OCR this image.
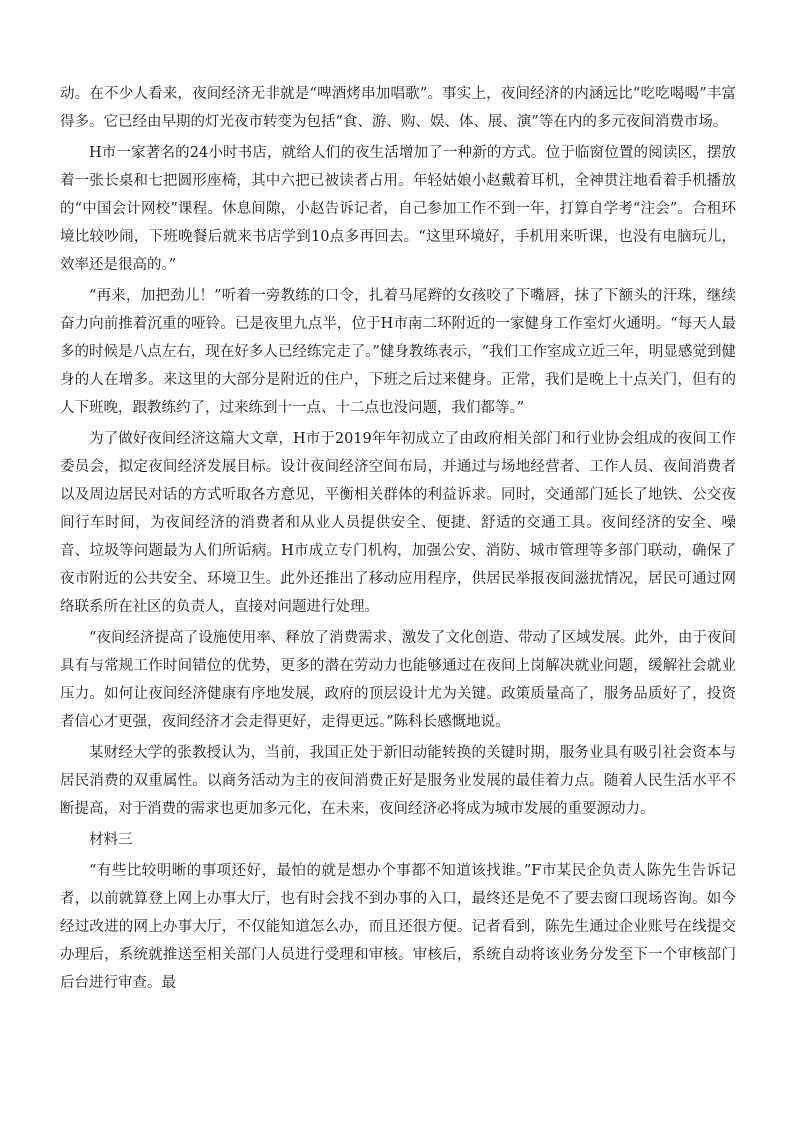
动。在不少人看来，夜间经济无非就是“啤酒烤串加唱歌”。事实上，夜间经济的内涵远比“吃吃喝喝”丰富得多。它已经由早期的灯光夜市转变为包括“食、游、购、娱、体、展、演”等在内的多元夜间消费市场。

H市一家著名的24小时书店，就给人们的夜生活增加了一种新的方式。位于临窗位置的阅读区，摆放着一张长桌和七把圆形座椅，其中六把已被读者占用。年轻姑娘小赵戴着耳机，全神贯注地看着手机播放的“中国会计网校”课程。休息间隙，小赵告诉记者，自己参加工作不到一年，打算自学考“注会”。合租环境比较吵闹，下班晚餐后就来书店学到10点多再回去。“这里环境好，手机用来听课，也没有电脑玩儿，效率还是很高的。”

“再来，加把劲儿！”听着一旁教练的口令，扎着马尾辫的女孩咬了下嘴唇，抹了下额头的汗珠，继续奋力向前推着沉重的哑铃。已是夜里九点半，位于H市南二环附近的一家健身工作室灯火通明。“每天人最多的时候是八点左右，现在好多人已经练完走了。”健身教练表示，“我们工作室成立近三年，明显感觉到健身的人在增多。来这里的大部分是附近的住户，下班之后过来健身。正常，我们是晚上十点关门，但有的人下班晚，跟教练约了，过来练到十一点、十二点也没问题，我们都等。”

为了做好夜间经济这篇大文章，H市于2019年年初成立了由政府相关部门和行业协会组成的夜间工作委员会，拟定夜间经济发展目标。设计夜间经济空间布局，并通过与场地经营者、工作人员、夜间消费者以及周边居民对话的方式听取各方意见，平衡相关群体的利益诉求。同时，交通部门延长了地铁、公交夜间行车时间，为夜间经济的消费者和从业人员提供安全、便捷、舒适的交通工具。夜间经济的安全、噪音、垃圾等问题最为人们所诟病。H市成立专门机构，加强公安、消防、城市管理等多部门联动，确保了夜市附近的公共安全、环境卫生。此外还推出了移动应用程序，供居民举报夜间滋扰情况，居民可通过网络联系所在社区的负责人，直接对问题进行处理。

“夜间经济提高了设施使用率、释放了消费需求、激发了文化创造、带动了区域发展。此外，由于夜间具有与常规工作时间错位的优势，更多的潜在劳动力也能够通过在夜间上岗解决就业问题，缓解社会就业压力。如何让夜间经济健康有序地发展，政府的顶层设计尤为关键。政策质量高了，服务品质好了，投资者信心才更强，夜间经济才会走得更好，走得更远。”陈科长感慨地说。

某财经大学的张教授认为，当前，我国正处于新旧动能转换的关键时期，服务业具有吸引社会资本与居民消费的双重属性。以商务活动为主的夜间消费正好是服务业发展的最佳着力点。随着人民生活水平不断提高，对于消费的需求也更加多元化，在未来，夜间经济必将成为城市发展的重要源动力。

材料三

“有些比较明晰的事项还好，最怕的就是想办个事都不知道该找谁。”F市某民企负责人陈先生告诉记者，以前就算登上网上办事大厅，也有时会找不到办事的入口，最终还是免不了要去窗口现场咨询。如今经过改进的网上办事大厅，不仅能知道怎么办，而且还很方便。记者看到，陈先生通过企业账号在线提交办理后，系统就推送至相关部门人员进行受理和审核。审核后，系统自动将该业务分发至下一个审核部门后台进行审查。最
